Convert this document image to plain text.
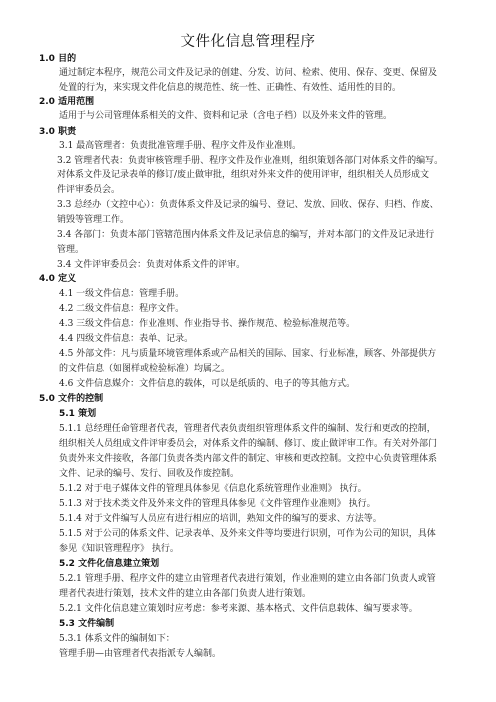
文件化信息管理程序
1.0 目的
通过制定本程序，规范公司文件及记录的创建、分发、访问、检索、使用、保存、变更、保留及
处置的行为，来实现文件化信息的规范性、统一性、正确性、有效性、适用性的目的。
2.0 适用范围
适用于与公司管理体系相关的文件、资料和记录（含电子档）以及外来文件的管理。
3.0 职责
3.1 最高管理者：负责批准管理手册、程序文件及作业准则。
3.2 管理者代表：负责审核管理手册、程序文件及作业准则，组织策划各部门对体系文件的编写。
对体系文件及记录表单的修订/废止做审批，组织对外来文件的使用评审，组织相关人员形成文
件评审委员会。
3.3 总经办（文控中心）：负责体系文件及记录的编号、登记、发放、回收、保存、归档、作废、
销毁等管理工作。
3.4 各部门：负责本部门管辖范围内体系文件及记录信息的编写，并对本部门的文件及记录进行
管理。
3.4 文件评审委员会：负责对体系文件的评审。
4.0 定义
4.1 一级文件信息：管理手册。
4.2 二级文件信息：程序文件。
4.3 三级文件信息：作业准则、作业指导书、操作规范、检验标准规范等。
4.4 四级文件信息：表单、记录。
4.5 外部文件：凡与质量环境管理体系或产品相关的国际、国家、行业标准，顾客、外部提供方
的文件信息（如图样或检验标准）均属之。
4.6 文件信息媒介：文件信息的载体，可以是纸质的、电子的等其他方式。
5.0 文件的控制
5.1 策划
5.1.1 总经理任命管理者代表，管理者代表负责组织管理体系文件的编制、发行和更改的控制，
组织相关人员组成文件评审委员会，对体系文件的编制、修订、废止做评审工作。有关对外部门
负责外来文件接收，各部门负责各类内部文件的制定、审核和更改控制。文控中心负责管理体系
文件、记录的编号、发行、回收及作废控制。
5.1.2 对于电子媒体文件的管理具体参见《信息化系统管理作业准则》 执行。
5.1.3 对于技术类文件及外来文件的管理具体参见《文件管理作业准则》 执行。
5.1.4 对于文件编写人员应有进行相应的培训，熟知文件的编写的要求、方法等。
5.1.5 对于公司的体系文件、记录表单、及外来文件等均要进行识别，可作为公司的知识，具体
参见《知识管理程序》 执行。
5.2 文件化信息建立策划
5.2.1 管理手册、程序文件的建立由管理者代表进行策划，作业准则的建立由各部门负责人或管
理者代表进行策划，技术文件的建立由各部门负责人进行策划。
5.2.1 文件化信息建立策划时应考虑：参考来源、基本格式、文件信息载体、编写要求等。
5.3 文件编制
5.3.1 体系文件的编制如下：
管理手册—由管理者代表指派专人编制。
